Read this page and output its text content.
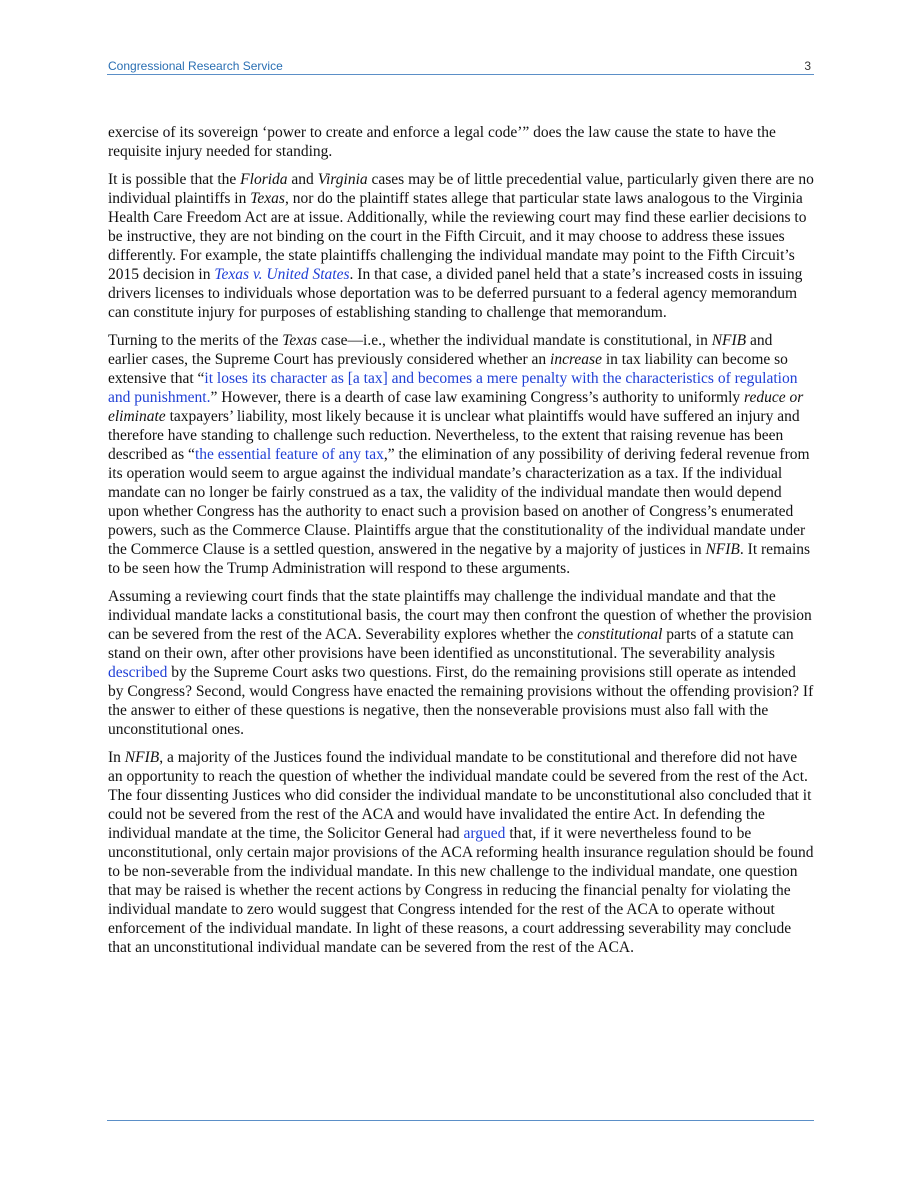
Congressional Research Service	3

exercise of its sovereign ‘power to create and enforce a legal code’” does the law cause the state to have the requisite injury needed for standing.

It is possible that the Florida and Virginia cases may be of little precedential value, particularly given there are no individual plaintiffs in Texas, nor do the plaintiff states allege that particular state laws analogous to the Virginia Health Care Freedom Act are at issue. Additionally, while the reviewing court may find these earlier decisions to be instructive, they are not binding on the court in the Fifth Circuit, and it may choose to address these issues differently. For example, the state plaintiffs challenging the individual mandate may point to the Fifth Circuit’s 2015 decision in Texas v. United States. In that case, a divided panel held that a state’s increased costs in issuing drivers licenses to individuals whose deportation was to be deferred pursuant to a federal agency memorandum can constitute injury for purposes of establishing standing to challenge that memorandum.

Turning to the merits of the Texas case—i.e., whether the individual mandate is constitutional, in NFIB and earlier cases, the Supreme Court has previously considered whether an increase in tax liability can become so extensive that “it loses its character as [a tax] and becomes a mere penalty with the characteristics of regulation and punishment.” However, there is a dearth of case law examining Congress’s authority to uniformly reduce or eliminate taxpayers’ liability, most likely because it is unclear what plaintiffs would have suffered an injury and therefore have standing to challenge such reduction. Nevertheless, to the extent that raising revenue has been described as “the essential feature of any tax,” the elimination of any possibility of deriving federal revenue from its operation would seem to argue against the individual mandate’s characterization as a tax. If the individual mandate can no longer be fairly construed as a tax, the validity of the individual mandate then would depend upon whether Congress has the authority to enact such a provision based on another of Congress’s enumerated powers, such as the Commerce Clause. Plaintiffs argue that the constitutionality of the individual mandate under the Commerce Clause is a settled question, answered in the negative by a majority of justices in NFIB. It remains to be seen how the Trump Administration will respond to these arguments.

Assuming a reviewing court finds that the state plaintiffs may challenge the individual mandate and that the individual mandate lacks a constitutional basis, the court may then confront the question of whether the provision can be severed from the rest of the ACA. Severability explores whether the constitutional parts of a statute can stand on their own, after other provisions have been identified as unconstitutional. The severability analysis described by the Supreme Court asks two questions. First, do the remaining provisions still operate as intended by Congress? Second, would Congress have enacted the remaining provisions without the offending provision? If the answer to either of these questions is negative, then the nonseverable provisions must also fall with the unconstitutional ones.

In NFIB, a majority of the Justices found the individual mandate to be constitutional and therefore did not have an opportunity to reach the question of whether the individual mandate could be severed from the rest of the Act. The four dissenting Justices who did consider the individual mandate to be unconstitutional also concluded that it could not be severed from the rest of the ACA and would have invalidated the entire Act. In defending the individual mandate at the time, the Solicitor General had argued that, if it were nevertheless found to be unconstitutional, only certain major provisions of the ACA reforming health insurance regulation should be found to be non-severable from the individual mandate. In this new challenge to the individual mandate, one question that may be raised is whether the recent actions by Congress in reducing the financial penalty for violating the individual mandate to zero would suggest that Congress intended for the rest of the ACA to operate without enforcement of the individual mandate. In light of these reasons, a court addressing severability may conclude that an unconstitutional individual mandate can be severed from the rest of the ACA.
